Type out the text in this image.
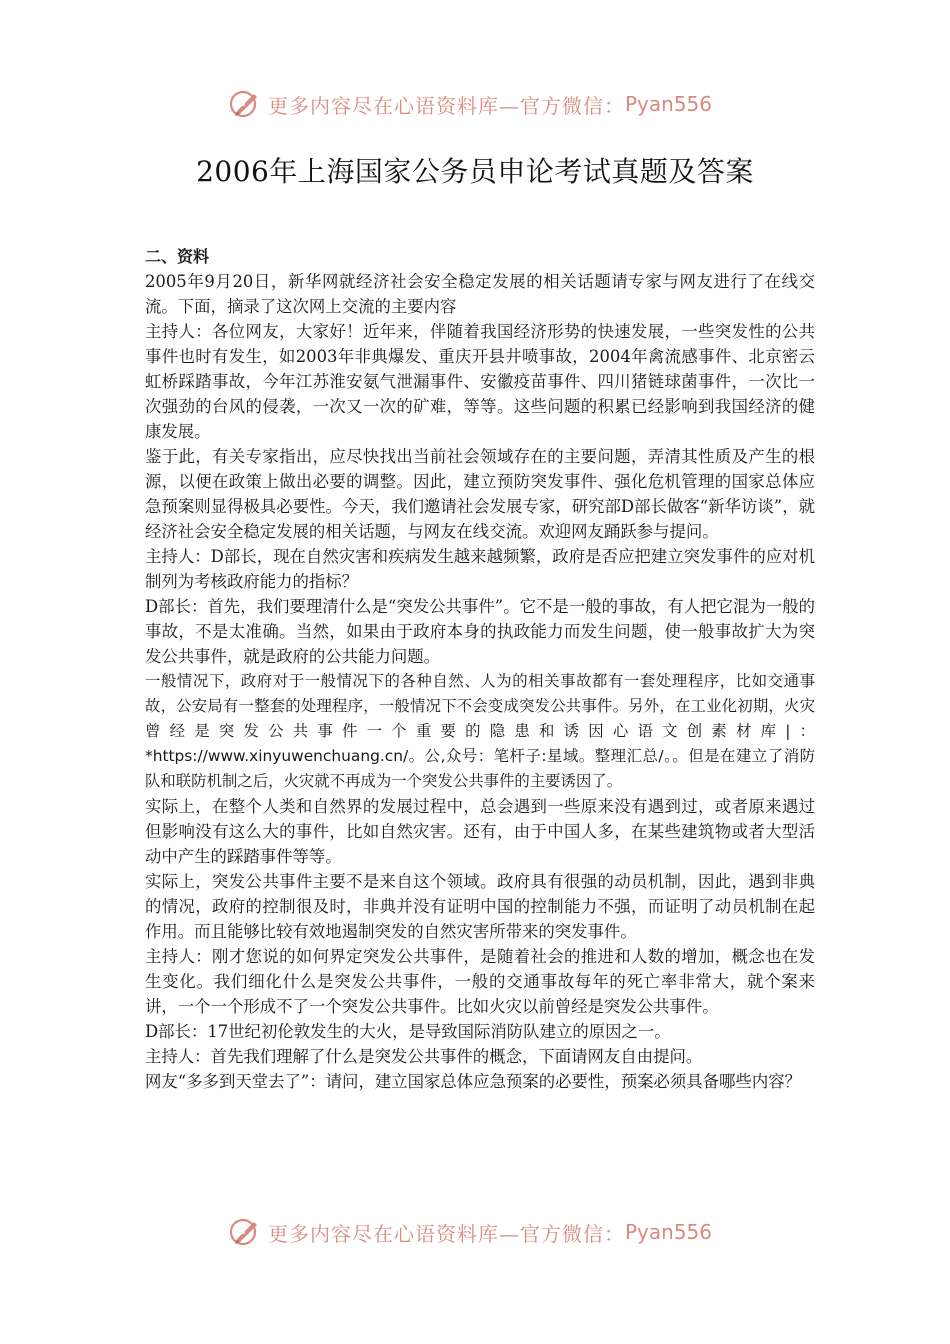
更多内容尽在心语资料库—官方微信： Pyan556
2006年上海国家公务员申论考试真题及答案

二、资料

2005年9月20日，新华网就经济社会安全稳定发展的相关话题请专家与网友进行了在线交流。下面，摘录了这次网上交流的主要内容

主持人：各位网友，大家好！近年来，伴随着我国经济形势的快速发展，一些突发性的公共事件也时有发生，如2003年非典爆发、重庆开县井喷事故，2004年禽流感事件、北京密云虹桥踩踏事故，今年江苏淮安氨气泄漏事件、安徽疫苗事件、四川猪链球菌事件，一次比一次强劲的台风的侵袭，一次又一次的矿难，等等。这些问题的积累已经影响到我国经济的健康发展。

鉴于此，有关专家指出，应尽快找出当前社会领域存在的主要问题，弄清其性质及产生的根源，以便在政策上做出必要的调整。因此，建立预防突发事件、强化危机管理的国家总体应急预案则显得极具必要性。今天，我们邀请社会发展专家，研究部D部长做客“新华访谈”，就经济社会安全稳定发展的相关话题，与网友在线交流。欢迎网友踊跃参与提问。

主持人：D部长，现在自然灾害和疾病发生越来越频繁，政府是否应把建立突发事件的应对机制列为考核政府能力的指标？

D部长：首先，我们要理清什么是“突发公共事件”。它不是一般的事故，有人把它混为一般的事故，不是太准确。当然，如果由于政府本身的执政能力而发生问题，使一般事故扩大为突发公共事件，就是政府的公共能力问题。

一般情况下，政府对于一般情况下的各种自然、人为的相关事故都有一套处理程序，比如交通事故，公安局有一整套的处理程序，一般情况下不会变成突发公共事件。另外，在工业化初期，火灾曾经是突发公共事件一个重要的隐患和诱因心语文创素材库|：*https://www.xinyuwenchuang.cn/。公,众号：笔杆子:星域。整理汇总/。。但是在建立了消防队和联防机制之后，火灾就不再成为一个突发公共事件的主要诱因了。

实际上，在整个人类和自然界的发展过程中，总会遇到一些原来没有遇到过，或者原来遇过但影响没有这么大的事件，比如自然灾害。还有，由于中国人多，在某些建筑物或者大型活动中产生的踩踏事件等等。

实际上，突发公共事件主要不是来自这个领域。政府具有很强的动员机制，因此，遇到非典的情况，政府的控制很及时，非典并没有证明中国的控制能力不强，而证明了动员机制在起作用。而且能够比较有效地遏制突发的自然灾害所带来的突发事件。

主持人：刚才您说的如何界定突发公共事件，是随着社会的推进和人数的增加，概念也在发生变化。我们细化什么是突发公共事件，一般的交通事故每年的死亡率非常大，就个案来讲，一个一个形成不了一个突发公共事件。比如火灾以前曾经是突发公共事件。

D部长：17世纪初伦敦发生的大火，是导致国际消防队建立的原因之一。

主持人：首先我们理解了什么是突发公共事件的概念，下面请网友自由提问。

网友“多多到天堂去了”：请问，建立国家总体应急预案的必要性，预案必须具备哪些内容？

更多内容尽在心语资料库—官方微信： Pyan556
